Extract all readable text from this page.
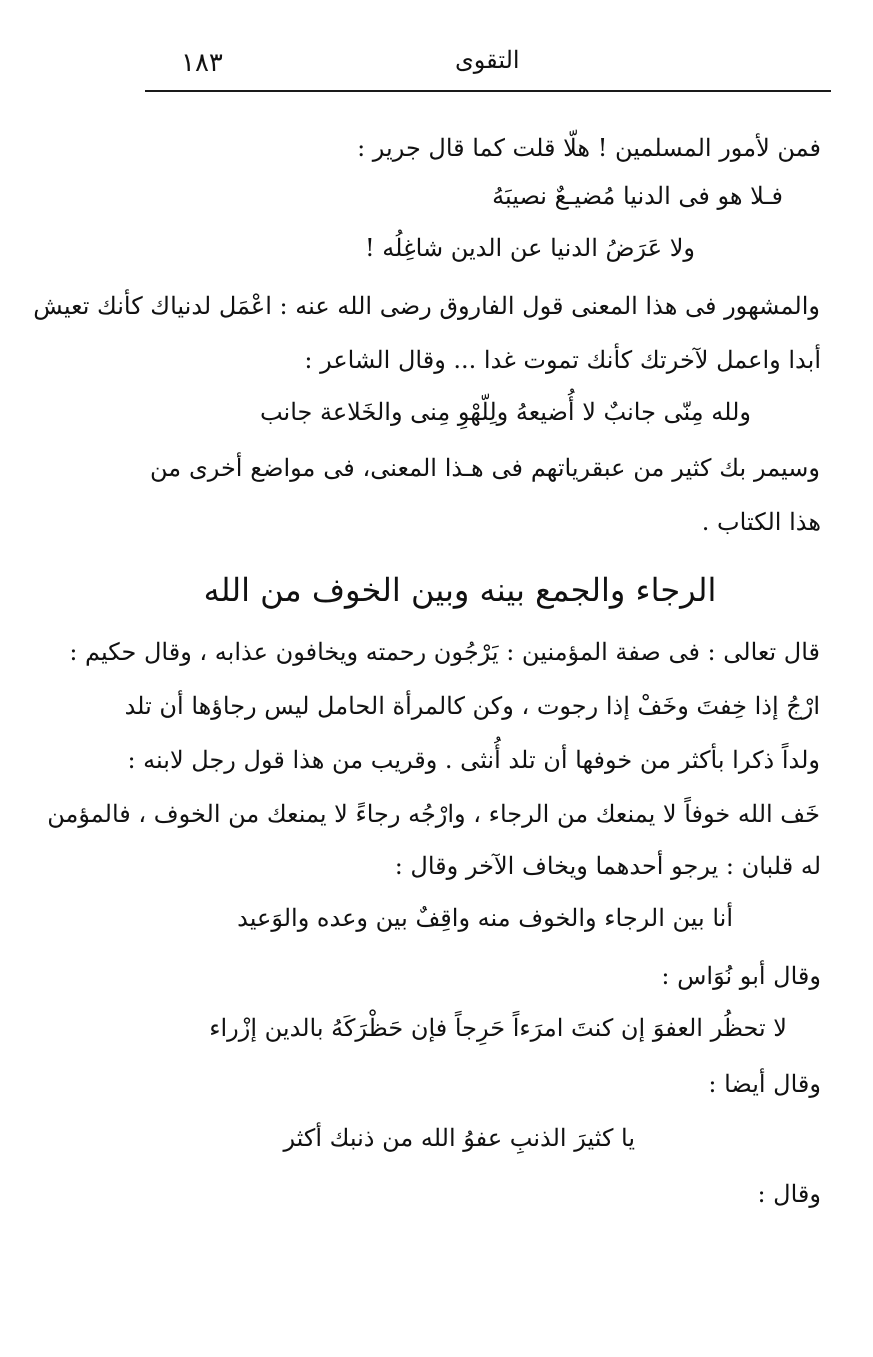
١٨٣	التقوى
فمن لأمور المسلمين ! هلّا قلت كما قال جرير :
فـلا هو فى الدنيا مُضيـعٌ نصيبَهُ
ولا عَرَضُ الدنيا عن الدين شاغِلُه !
والمشهور فى هذا المعنى قول الفاروق رضى الله عنه : اعْمَل لدنياك كأنك تعيش
أبدا واعمل لآخرتك كأنك تموت غدا ... وقال الشاعر :
ولله مِنّى جانبٌ لا أُضيعهُ ولِلّهْوِ مِنى والخَلاعة جانب
وسيمر بك كثير من عبقرياتهم فى هـذا المعنى، فى مواضع أخرى من
هذا الكتاب .
الرجاء والجمع بينه وبين الخوف من الله
قال تعالى : فى صفة المؤمنين : يَرْجُون رحمته ويخافون عذابه ، وقال حكيم :
ارْجُ إذا خِفتَ وخَفْ إذا رجوت ، وكن كالمرأة الحامل ليس رجاؤها أن تلد
ولداً ذكرا بأكثر من خوفها أن تلد أُنثى . وقريب من هذا قول رجل لابنه :
خَف الله خوفاً لا يمنعك من الرجاء ، وارْجُه رجاءً لا يمنعك من الخوف ، فالمؤمن
له قلبان : يرجو أحدهما ويخاف الآخر وقال :
أنا بين الرجاء والخوف منه واقِفٌ بين وعده والوَعيد
وقال أبو نُوَاس :
لا تحظُر العفوَ إن كنتَ امرَءاً حَرِجاً فإن حَظْرَكَهُ بالدين إزْراء
وقال أيضا :
يا كثيرَ الذنبِ عفوُ الله من ذنبك أكثر
وقال :
